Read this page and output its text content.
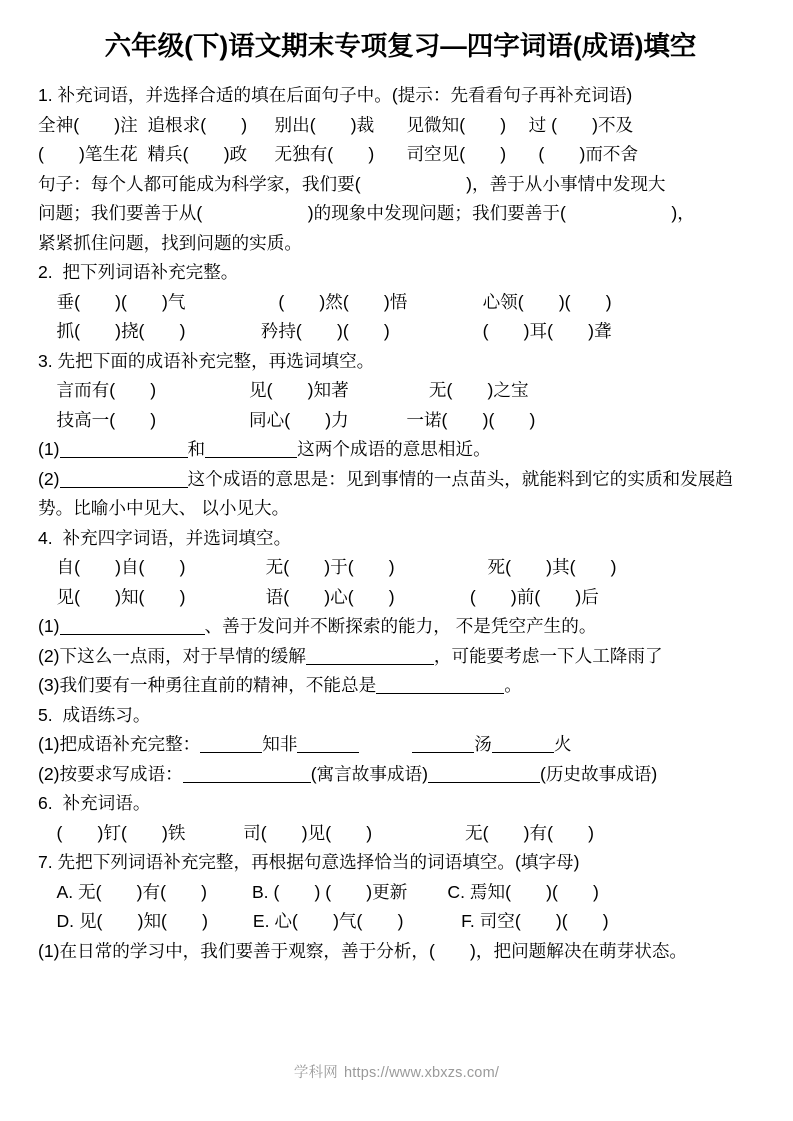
六年级(下)语文期末专项复习—四字词语(成语)填空
1. 补充词语，并选择合适的填在后面句子中。(提示：先看看句子再补充词语)
全神(　　)注  追根求(　　)　  别出(　　)裁　   见微知(　　)　 过 (　　)不及
(　　)笔生花  精兵(　　)政　  无独有(　　)　   司空见(　　)　   (　　)而不舍
句子：每个人都可能成为科学家，我们要(　　　　　　)，善于从小事情中发现大
问题；我们要善于从(　　　　　　)的现象中发现问题；我们要善于(　　　　　　)，
紧紧抓住问题，找到问题的实质。
2.  把下列词语补充完整。
垂(　　)(　　)气　　　　　 (　　)然(　　)悟　　　　 心领(　　)(　　)
抓(　　)挠(　　)　　　　 矜持(　　)(　　)　　　　　 (　　)耳(　　)聋
3. 先把下面的成语补充完整，再选词填空。
言而有(　　)　　　　　 见(　　)知著　　　　  无(　　)之宝
技高一(　　)　　　　　 同心(　　)力　　　 一诺(　　)(　　)
(1)	和	这两个成语的意思相近。
(2)	这个成语的意思是：见到事情的一点苗头，就能料到它的实质和发展趋势。比喻小中见大、 以小见大。
4.  补充四字词语，并选词填空。
自(　　)自(　　)　　　　  无(　　)于(　　)　　　　　 死(　　)其(　　)
见(　　)知(　　)　　　　  语(　　)心(　　)　　　　 (　　)前(　　)后
(1)	、善于发问并不断探索的能力， 不是凭空产生的。
(2)下这么一点雨，对于旱情的缓解	，可能要考虑一下人工降雨了
(3)我们要有一种勇往直前的精神，不能总是	。
5.  成语练习。
(1)把成语补充完整：	知非　　　	汤	火
(2)按要求写成语：	(寓言故事成语)	(历史故事成语)
6.  补充词语。
(　　)钉(　　)铁　　　 司(　　)见(　　)　　　　　 无(　　)有(　　)
7. 先把下列词语补充完整，再根据句意选择恰当的词语填空。(填字母)
A. 无(　　)有(　　)　　  B. (　　) (　　)更新　　 C. 焉知(　　)(　　)
D. 见(　　)知(　　)　　  E. 心(　　)气(　　)　　　 F. 司空(　　)(　　)
(1)在日常的学习中，我们要善于观察，善于分析，(　　)，把问题解决在萌芽状态。
学科网 https://www.xbxzs.com/
